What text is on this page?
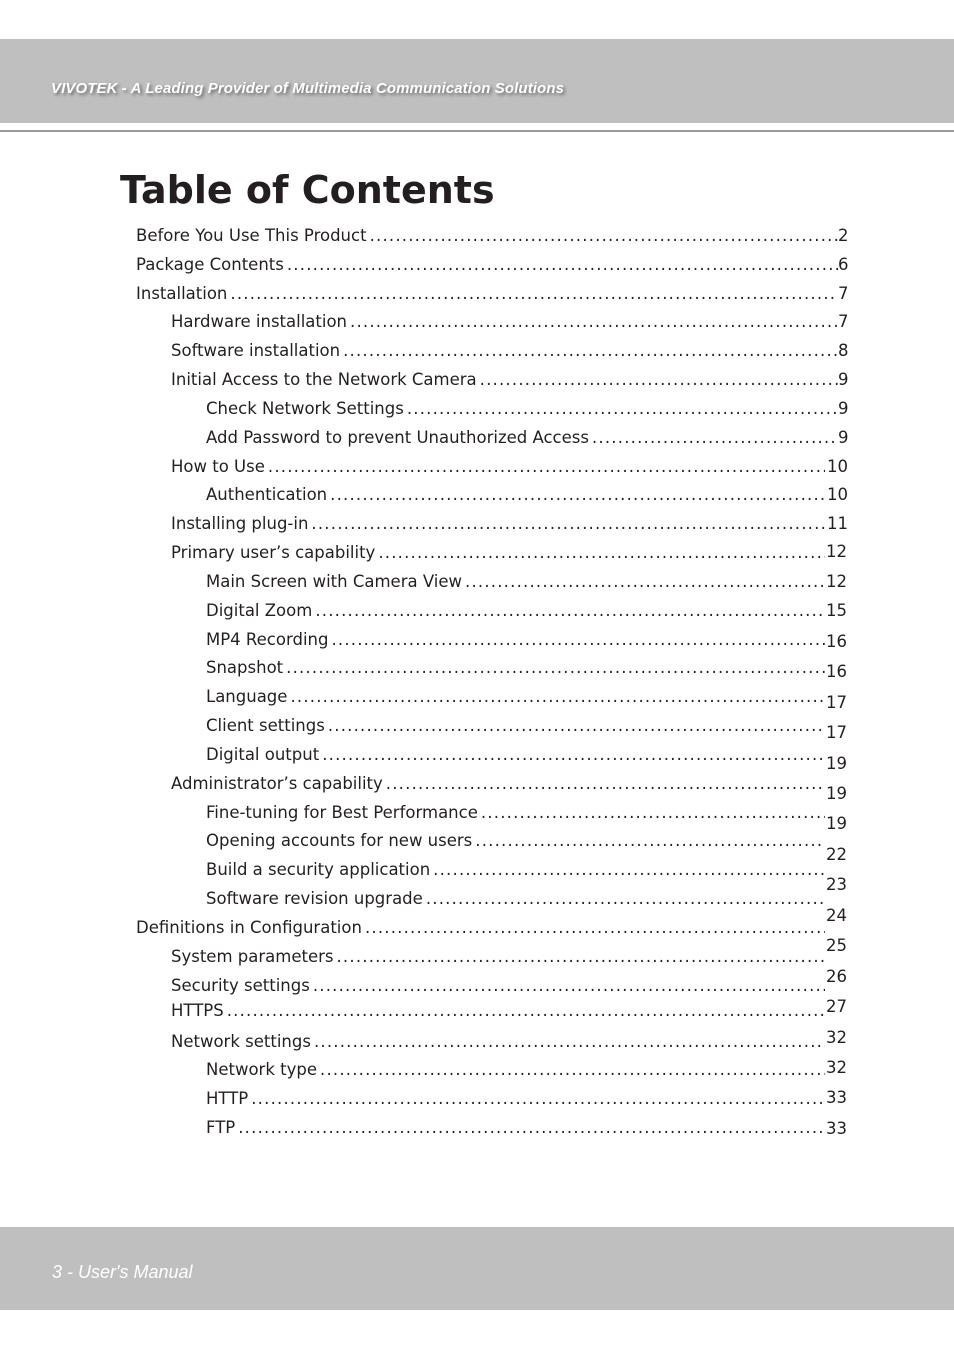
VIVOTEK - A Leading Provider of Multimedia Communication Solutions
Table of Contents
Before You Use This Product
.....
Package Contents
.....
Installation
.....
Hardware installation
.....
Software installation
.....
Initial Access to the Network Camera
.....
Check Network Settings
.....
Add Password to prevent Unauthorized Access
.....
How to Use
.....
Authentication
.....
Installing plug-in
.....
Primary user’s capability
.....
Main Screen with Camera View
.....
Digital Zoom
.....
MP4 Recording
.....
Snapshot
.....
Language
.....
Client settings
.....
Digital output
.....
Administrator’s capability
.....
Fine-tuning for Best Performance
.....
Opening accounts for new users
.....
Build a security application
.....
Software revision upgrade
.....
Definitions in Configuration
.....
System parameters
.....
Security settings
.....
HTTPS
.....
Network settings
.....
Network type
.....
HTTP
.....
FTP
.....
2
6
7
7
8
9
9
9
10
10
11
12
12
15
16
16
17
17
19
19
19
22
23
24
25
26
27
32
32
33
33
3 - User's Manual
